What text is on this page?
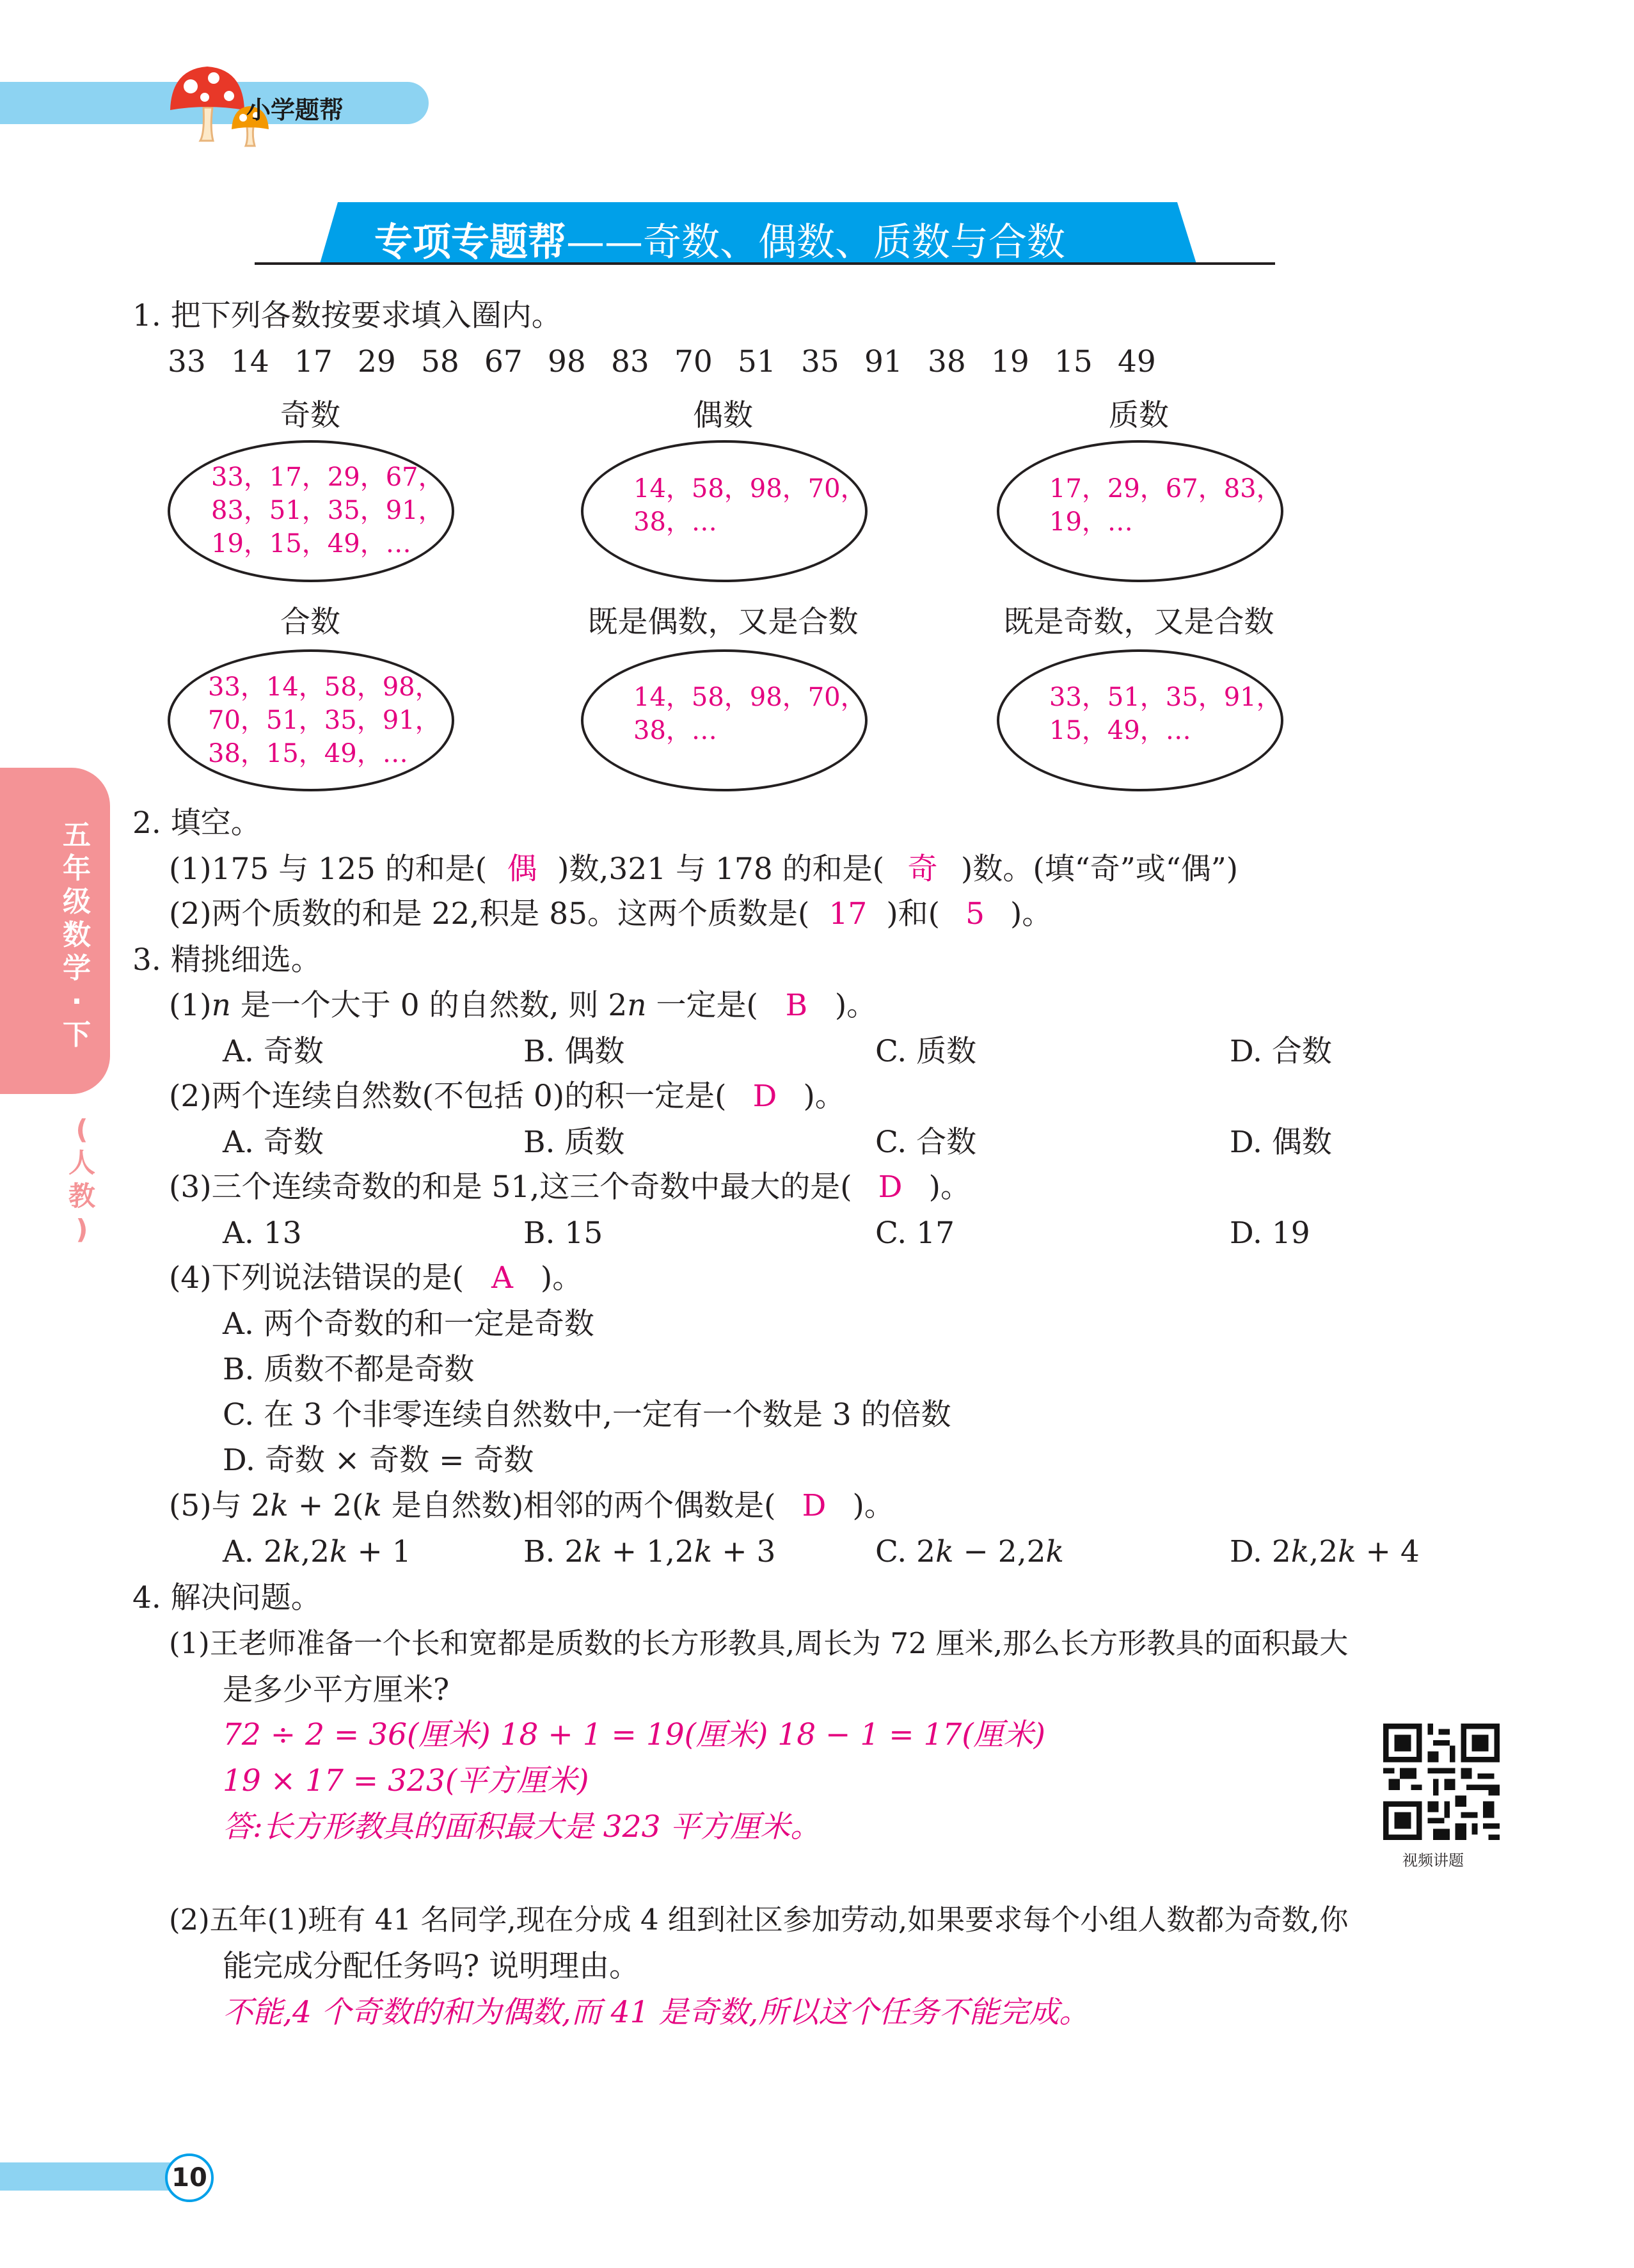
小学题帮
专项专题帮——奇数、偶数、质数与合数
五
年
级
数
学
·
下
(
人
教
)
1. 把下列各数按要求填入圈内。
33 14 17 29 58 67 98 83 70 51 35 91 38 19 15 49
奇数	偶数	质数
33，17，29，67，
83，51，35，91，
19，15，49，…
14，58，98，70，
38，…
17，29，67，83，
19，…
合数	既是偶数，又是合数	既是奇数，又是合数
33，14，58，98，
70，51，35，91，
38，15，49，…
14，58，98，70，
38，…
33，51，35，91，
15，49，…
2. 填空。
(1)175 与 125 的和是( 偶 )数,321 与 178 的和是( 奇 )数。(填“奇”或“偶”)
(2)两个质数的和是 22,积是 85。这两个质数是( 17 )和( 5 )。
3. 精挑细选。
(1)𝑛 是一个大于 0 的自然数, 则 2𝑛 一定是( B )。
A. 奇数	B. 偶数	C. 质数	D. 合数
(2)两个连续自然数(不包括 0)的积一定是( D )。
A. 奇数	B. 质数	C. 合数	D. 偶数
(3)三个连续奇数的和是 51,这三个奇数中最大的是( D )。
A. 13	B. 15	C. 17	D. 19
(4)下列说法错误的是( A )。
A. 两个奇数的和一定是奇数
B. 质数不都是奇数
C. 在 3 个非零连续自然数中,一定有一个数是 3 的倍数
D. 奇数 × 奇数 = 奇数
(5)与 2𝑘 + 2(𝑘 是自然数)相邻的两个偶数是( D )。
A. 2𝑘,2𝑘 + 1	B. 2𝑘 + 1,2𝑘 + 3	C. 2𝑘 − 2,2𝑘	D. 2𝑘,2𝑘 + 4
4. 解决问题。
(1)王老师准备一个长和宽都是质数的长方形教具,周长为 72 厘米,那么长方形教具的面积最大
是多少平方厘米?
72 ÷ 2 = 36(厘米) 18 + 1 = 19(厘米) 18 − 1 = 17(厘米)
19 × 17 = 323(平方厘米)
答:长方形教具的面积最大是 323 平方厘米。
视频讲题
(2)五年(1)班有 41 名同学,现在分成 4 组到社区参加劳动,如果要求每个小组人数都为奇数,你
能完成分配任务吗? 说明理由。
不能,4 个奇数的和为偶数,而 41 是奇数,所以这个任务不能完成。
10
